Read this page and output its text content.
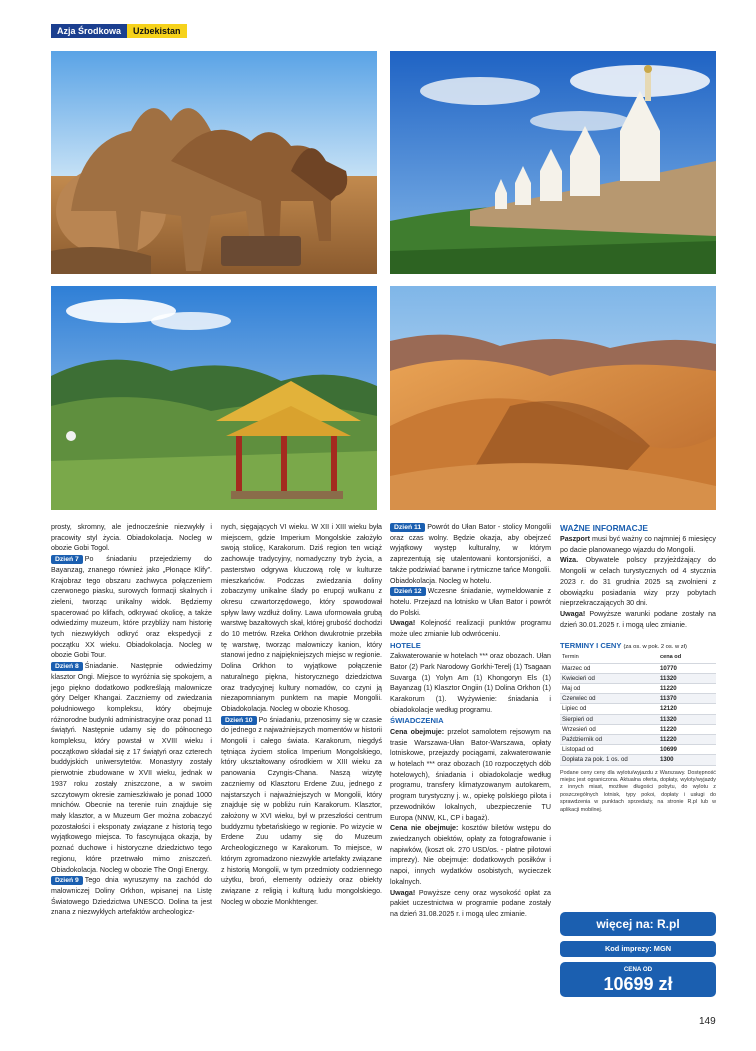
Azja Środkowa	Uzbekistan

prosty, skromny, ale jednocześnie niezwykły i pracowity styl życia. Obiadokolacja. Nocleg w obozie Gobi Togol.

Dzień 7 Po śniadaniu przejedziemy do Bayanzag, znanego również jako „Płonące Klify”. Krajobraz tego obszaru zachwyca połączeniem czerwonego piasku, surowych formacji skalnych i zieleni, tworząc unikalny widok. Będziemy spacerować po klifach, odkrywać okolicę, a także odwiedzimy muzeum, które przybliży nam historię tych niezwykłych odkryć oraz ekspedycji z początku XX wieku. Obiadokolacja. Nocleg w obozie Gobi Tour.

Dzień 8 Śniadanie. Następnie odwiedzimy klasztor Ongi. Miejsce to wyróżnia się spokojem, a jego piękno dodatkowo podkreślają malownicze góry Delger Khangai. Zaczniemy od zwiedzania południowego kompleksu, który obejmuje różnorodne budynki administracyjne oraz ponad 11 świątyń. Następnie udamy się do północnego kompleksu, który powstał w XVIII wieku i początkowo składał się z 17 świątyń oraz czterech buddyjskich uniwersytetów. Monastyry zostały pierwotnie zbudowane w XVII wieku, jednak w 1937 roku zostały zniszczone, a w swoim szczytowym okresie zamieszkiwało je ponad 1000 mnichów. Obecnie na terenie ruin znajduje się mały klasztor, a w Muzeum Ger można zobaczyć pozostałości i eksponaty związane z historią tego wyjątkowego miejsca. To fascynująca okazja, by poznać duchowe i historyczne dziedzictwo tego regionu, które przetrwało mimo zniszczeń. Obiadokolacja. Nocleg w obozie The Ongi Energy.

Dzień 9 Tego dnia wyruszymy na zachód do malowniczej Doliny Orkhon, wpisanej na Listę Światowego Dziedzictwa UNESCO. Dolina ta jest znana z niezwykłych artefaktów archeologicz-

nych, sięgających VI wieku. W XII i XIII wieku była miejscem, gdzie Imperium Mongolskie założyło swoją stolicę, Karakorum. Dziś region ten wciąż zachowuje tradycyjny, nomadyczny tryb życia, a pasterstwo odgrywa kluczową rolę w kulturze mieszkańców. Podczas zwiedzania doliny zobaczymy unikalne ślady po erupcji wulkanu z okresu czwartorzędowego, który spowodował spływ lawy wzdłuż doliny. Lawa uformowała grubą warstwę bazaltowych skał, której grubość dochodzi do 10 metrów. Rzeka Orkhon dwukrotnie przebiła tę warstwę, tworząc malowniczy kanion, który stanowi jedno z najpiękniejszych miejsc w regionie. Dolina Orkhon to wyjątkowe połączenie naturalnego piękna, historycznego dziedzictwa oraz tradycyjnej kultury nomadów, co czyni ją niezapomnianym punktem na mapie Mongolii. Obiadokolacja. Nocleg w obozie Khosog.

Dzień 10 Po śniadaniu, przenosimy się w czasie do jednego z najważniejszych momentów w historii Mongolii i całego świata. Karakorum, niegdyś tętniąca życiem stolica Imperium Mongolskiego, który ukształtowany ośrodkiem w XIII wieku za panowania Czyngis-Chana. Naszą wizytę zaczniemy od Klasztoru Erdene Zuu, jednego z najstarszych i najważniejszych w Mongolii, który znajduje się w pobliżu ruin Karakorum. Klasztor, założony w XVI wieku, był w przeszłości centrum buddyzmu tybetańskiego w regionie. Po wizycie w Erdene Zuu udamy się do Muzeum Archeologicznego w Karakorum. To miejsce, w którym zgromadzono niezwykłe artefakty związane z historią Mongolii, w tym przedmioty codziennego użytku, broń, elementy odzieży oraz obiekty związane z religią i kulturą ludu mongolskiego. Nocleg w obozie Monkhtenger.

Dzień 11 Powrót do Ułan Bator - stolicy Mongolii oraz czas wolny. Będzie okazja, aby obejrzeć wyjątkowy występ kulturalny, w którym zaprezentują się utalentowani kontorsjoniści, a także podziwiać barwne i rytmiczne tańce Mongolii. Obiadokolacja. Nocleg w hotelu.

Dzień 12 Wczesne śniadanie, wymeldowanie z hotelu. Przejazd na lotnisko w Ułan Bator i powrót do Polski.

Uwaga! Kolejność realizacji punktów programu może ulec zmianie lub odwróceniu.

HOTELE

Zakwaterowanie w hotelach *** oraz obozach. Ułan Bator (2) Park Narodowy Gorkhi-Terelj (1) Tsagaan Suvarga (1) Yolyn Am (1) Khongoryn Els (1) Bayanzag (1) Klasztor Ongiin (1) Dolina Orkhon (1) Karakorum (1). Wyżywienie: śniadania i obiadokolacje według programu.

ŚWIADCZENIA

Cena obejmuje: przelot samolotem rejsowym na trasie Warszawa-Ułan Bator-Warszawa, opłaty lotniskowe, przejazdy pociągami, zakwaterowanie w hotelach *** oraz obozach (10 rozpoczętych dób hotelowych), śniadania i obiadokolacje według programu, transfery klimatyzowanym autokarem, program turystyczny j. w., opiekę polskiego pilota i przewodników lokalnych, ubezpieczenie TU Europa (NNW, KL, CP i bagaż).

Cena nie obejmuje: kosztów biletów wstępu do zwiedzanych obiektów, opłaty za fotografowanie i napiwków, (koszt ok. 270 USD/os. - płatne pilotowi imprezy). Nie obejmuje: dodatkowych posiłków i napoi, innych wydatków osobistych, wycieczek lokalnych.

Uwaga! Powyższe ceny oraz wysokość opłat za pakiet uczestnictwa w programie podane zostały na dzień 31.08.2025 r. i mogą ulec zmianie.

WAŻNE INFORMACJE

Paszport musi być ważny co najmniej 6 miesięcy po dacie planowanego wjazdu do Mongolii.

Wiza. Obywatele polscy przyjeżdżający do Mongolii w celach turystycznych od 4 stycznia 2023 r. do 31 grudnia 2025 są zwolnieni z obowiązku posiadania wizy przy pobytach nieprzekraczających 30 dni.

Uwaga! Powyższe warunki podane zostały na dzień 30.01.2025 r. i mogą ulec zmianie.

TERMINY I CENY (za os. w pok. 2 os. w zł)
Termin	cena od
Marzec od	10770
Kwiecień od	11320
Maj od	11220
Czerwiec od	11370
Lipiec od	12120
Sierpień od	11320
Wrzesień od	11220
Październik od	11220
Listopad od	10699
Dopłata za pok. 1 os. od	1300
Podane ceny ceny dla wylotu/wyjazdu z Warszawy. Dostępność miejsc jest ograniczona. Aktualna oferta, dopłaty, wyloty/wyjazdy z innych miast, możliwe długości pobytu, do wylotu z poszczególnych lotnisk, typy pokoi, dopłaty i usługi do sprawdzenia w punktach sprzedaży, na stronie R.pl lub w aplikacji mobilnej.
więcej na: R.pl
Kod imprezy: MGN
CENA OD
10699 zł
149
